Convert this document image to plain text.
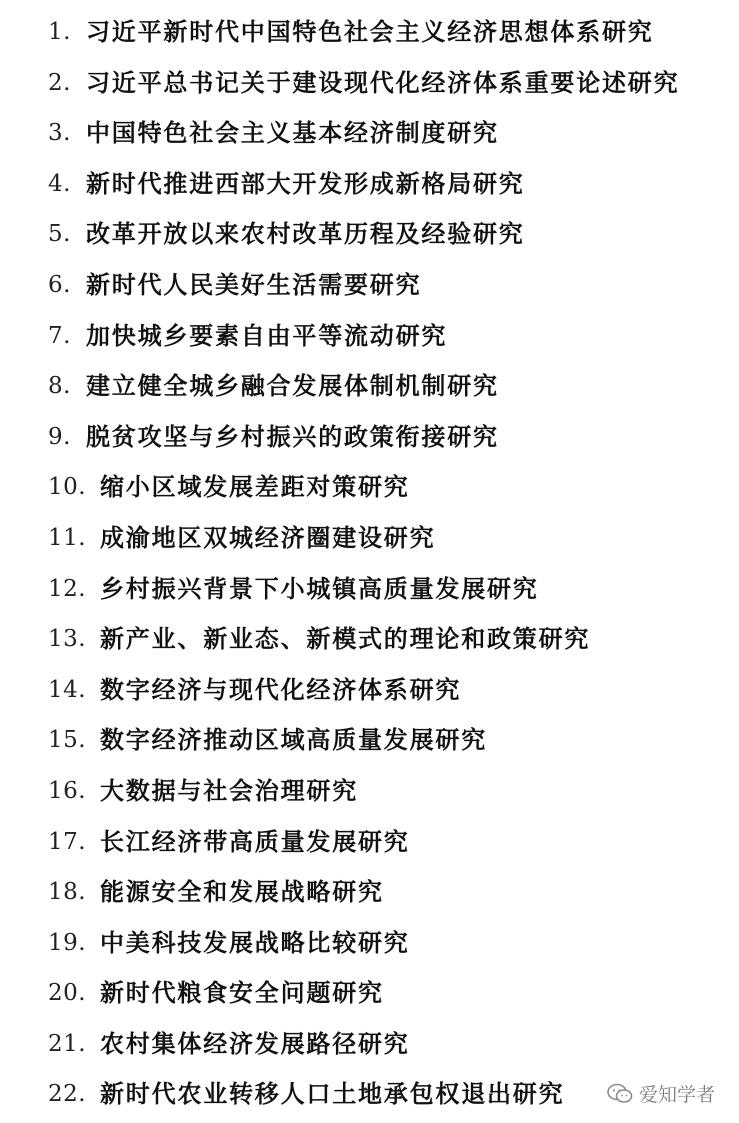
1. 习近平新时代中国特色社会主义经济思想体系研究
2. 习近平总书记关于建设现代化经济体系重要论述研究
3. 中国特色社会主义基本经济制度研究
4. 新时代推进西部大开发形成新格局研究
5. 改革开放以来农村改革历程及经验研究
6. 新时代人民美好生活需要研究
7. 加快城乡要素自由平等流动研究
8. 建立健全城乡融合发展体制机制研究
9. 脱贫攻坚与乡村振兴的政策衔接研究
10. 缩小区域发展差距对策研究
11. 成渝地区双城经济圈建设研究
12. 乡村振兴背景下小城镇高质量发展研究
13. 新产业、新业态、新模式的理论和政策研究
14. 数字经济与现代化经济体系研究
15. 数字经济推动区域高质量发展研究
16. 大数据与社会治理研究
17. 长江经济带高质量发展研究
18. 能源安全和发展战略研究
19. 中美科技发展战略比较研究
20. 新时代粮食安全问题研究
21. 农村集体经济发展路径研究
22. 新时代农业转移人口土地承包权退出研究	爱知学者
